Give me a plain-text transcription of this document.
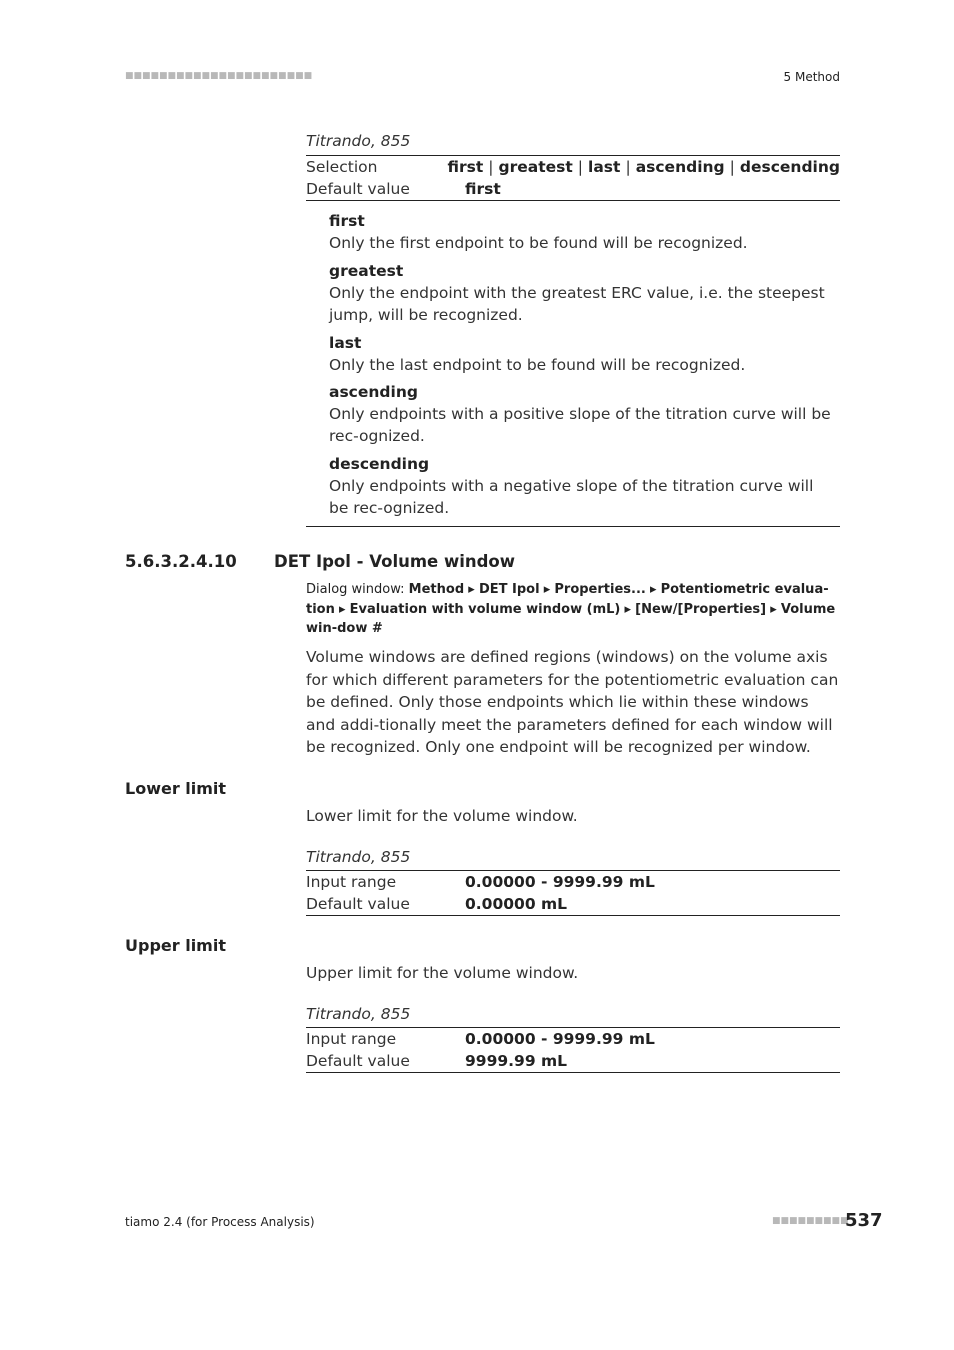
■■■■■■■■■■■■■■■■■■■■■■	5 Method
Titrando, 855
Selection	first | greatest | last | ascending | descending
Default value	first
first
Only the first endpoint to be found will be recognized.
greatest
Only the endpoint with the greatest ERC value, i.e. the steepest jump, will be recognized.
last
Only the last endpoint to be found will be recognized.
ascending
Only endpoints with a positive slope of the titration curve will be rec-ognized.
descending
Only endpoints with a negative slope of the titration curve will be rec-ognized.
5.6.3.2.4.10 DET Ipol - Volume window
Dialog window: Method ▸ DET Ipol ▸ Properties... ▸ Potentiometric evalua-tion ▸ Evaluation with volume window (mL) ▸ [New/[Properties] ▸ Volume win-dow #
Volume windows are defined regions (windows) on the volume axis for which different parameters for the potentiometric evaluation can be defined. Only those endpoints which lie within these windows and addi-tionally meet the parameters defined for each window will be recognized. Only one endpoint will be recognized per window.
Lower limit
Lower limit for the volume window.
Titrando, 855
Input range	0.00000 - 9999.99 mL
Default value	0.00000 mL
Upper limit
Upper limit for the volume window.
Titrando, 855
Input range	0.00000 - 9999.99 mL
Default value	9999.99 mL
tiamo 2.4 (for Process Analysis)	■■■■■■■■■
537
